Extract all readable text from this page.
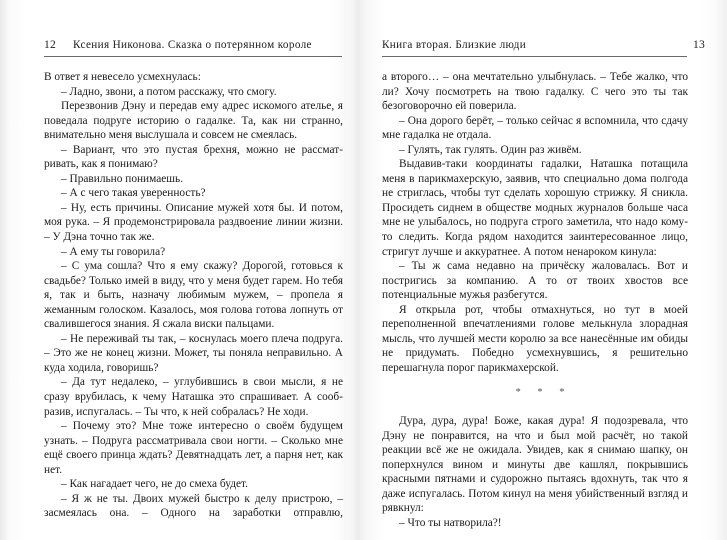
12 Ксения Никонова. Сказка о потерянном короле

В ответ я невесело усмехнулась:

– Ладно, звони, а потом расскажу, что смогу.

Перезвонив Дэну и передав ему адрес искомого ателье, я поведала подруге историю о гадалке. Та, как ни странно, внимательно меня выслушала и совсем не смеялась.

– Вариант, что это пустая брехня, можно не рассматривать, как я понимаю?

– Правильно понимаешь.

– А с чего такая уверенность?

– Ну, есть причины. Описание мужей хотя бы. И потом, моя рука. – Я продемонстрировала раздвоение линии жизни. – У Дэна точно так же.

– А ему ты говорила?

– С ума сошла? Что я ему скажу? Дорогой, готовься к свадьбе? Только имей в виду, что у меня будет гарем. Но тебя я, так и быть, назначу любимым мужем, – пропела я жеманным голоском. Казалось, моя голова готова лопнуть от свалившегося знания. Я сжала виски пальцами.

– Не переживай ты так, – коснулась моего плеча подруга. – Это же не конец жизни. Может, ты поняла неправильно. А куда ходила, говоришь?

– Да тут недалеко, – углубившись в свои мысли, я не сразу врубилась, к чему Наташка это спрашивает. А сообразив, испугалась. – Ты что, к ней собралась? Не ходи.

– Почему это? Мне тоже интересно о своём будущем узнать. – Подруга рассматривала свои ногти. – Сколько мне ещё своего принца ждать? Девятнадцать лет, а парня нет, как нет.

– Как нагадает чего, не до смеха будет.

– Я ж не ты. Двоих мужей быстро к делу пристрою, – засмеялась она. – Одного на заработки отправлю,

Книга вторая. Близкие люди	13

а второго… – она мечтательно улыбнулась. – Тебе жалко, что ли? Хочу посмотреть на твою гадалку. С чего это ты так безоговорочно ей поверила.

– Она дорого берёт, – только сейчас я вспомнила, что сдачу мне гадалка не отдала.

– Гулять, так гулять. Один раз живём.

Выдавив-таки координаты гадалки, Наташка потащила меня в парикмахерскую, заявив, что специально дома полгода не стриглась, чтобы тут сделать хорошую стрижку. Я сникла. Просидеть сиднем в обществе модных журналов больше часа мне не улыбалось, но подруга строго заметила, что надо кому-то следить. Когда рядом находится заинтересованное лицо, стригут лучше и аккуратнее. А потом ненароком кинула:

– Ты ж сама недавно на причёску жаловалась. Вот и постригись за компанию. А то от твоих хвостов все потенциальные мужья разбегутся.

Я открыла рот, чтобы отмахнуться, но тут в моей переполненной впечатлениями голове мелькнула злорадная мысль, что лучшей мести королю за все нанесённые им обиды не придумать. Победно усмехнувшись, я решительно перешагнула порог парикмахерской.

* * *

Дура, дура, дура! Боже, какая дура! Я подозревала, что Дэну не понравится, на что и был мой расчёт, но такой реакции всё же не ожидала. Увидев, как я снимаю шапку, он поперхнулся вином и минуты две кашлял, покрывшись красными пятнами и судорожно пытаясь вдохнуть, так что я даже испугалась. Потом кинул на меня убийственный взгляд и рявкнул:

– Что ты натворила?!
